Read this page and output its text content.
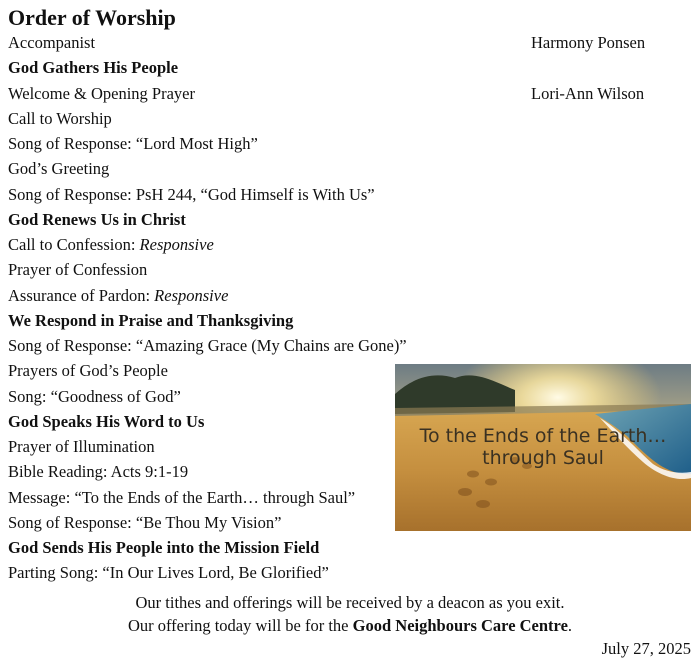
Order of Worship
Accompanist	Harmony Ponsen
God Gathers His People
Welcome & Opening Prayer	Lori-Ann Wilson
Call to Worship
Song of Response: “Lord Most High”
God’s Greeting
Song of Response: PsH 244, “God Himself is With Us”
God Renews Us in Christ
Call to Confession: Responsive
Prayer of Confession
Assurance of Pardon: Responsive
We Respond in Praise and Thanksgiving
Song of Response: “Amazing Grace (My Chains are Gone)”
Prayers of God’s People
Song: “Goodness of God”
God Speaks His Word to Us
Prayer of Illumination
Bible Reading: Acts 9:1-19
Message: “To the Ends of the Earth… through Saul”
Song of Response: “Be Thou My Vision”
God Sends His People into the Mission Field
Parting Song: “In Our Lives Lord, Be Glorified”
To the Ends of the Earth…
through Saul
Our tithes and offerings will be received by a deacon as you exit.
Our offering today will be for the Good Neighbours Care Centre.
July 27, 2025
